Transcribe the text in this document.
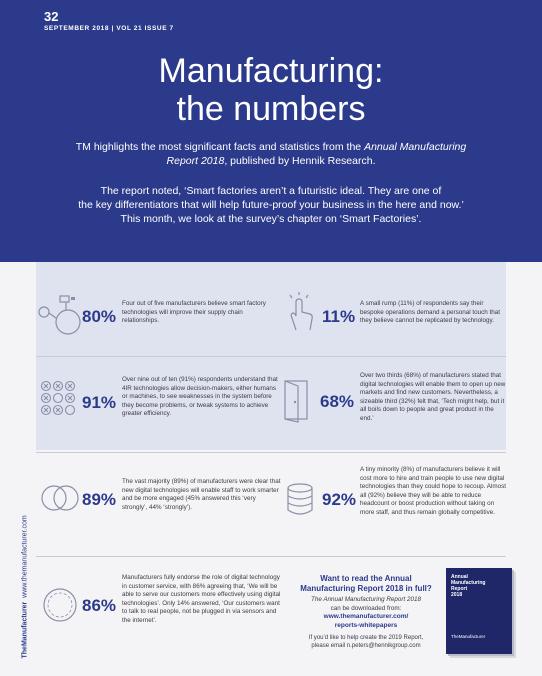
32
SEPTEMBER 2018 | VOL 21 ISSUE 7
Manufacturing:
the numbers
TM highlights the most significant facts and statistics from the Annual Manufacturing Report 2018, published by Hennik Research.
The report noted, ‘Smart factories aren’t a futuristic ideal. They are one of
the key differentiators that will help future-proof your business in the here and now.’
This month, we look at the survey’s chapter on ‘Smart Factories’.
80%
Four out of five manufacturers believe smart factory technologies will improve their supply chain relationships.	11%
A small rump (11%) of respondents say their bespoke operations demand a personal touch that they believe cannot be replicated by technology.
91%
Over nine out of ten (91%) respondents understand that 4IR technologies allow decision-makers, either humans or machines, to see weaknesses in the system before they become problems, or tweak systems to achieve greater efficiency.
68%
Over two thirds (68%) of manufacturers stated that digital technologies will enable them to open up new markets and find new customers. Nevertheless, a sizeable third (32%) felt that, ‘Tech might help, but it all boils down to people and great product in the end.’
89%
The vast majority (89%) of manufacturers were clear that new digital technologies will enable staff to work smarter and be more engaged (45% answered this ‘very strongly’, 44% ‘strongly’).	92%
A tiny minority (8%) of manufacturers believe it will cost more to hire and train people to use new digital technologies than they could hope to recoup. Almost all (92%) believe they will be able to reduce headcount or boost production without taking on more staff, and thus remain globally competitive.
86%
Manufacturers fully endorse the role of digital technology in customer service, with 86% agreeing that, ‘We will be able to serve our customers more effectively using digital technologies’. Only 14% answered, ‘Our customers want to talk to real people, not be plugged in via sensors and the internet’.
TheManufacturer  www.themanufacturer.com	Want to read the Annual
Manufacturing Report 2018 in full?
The Annual Manufacturing Report 2018
can be downloaded from:
www.themanufacturer.com/
reports-whitepapers
If you’d like to help create the 2019 Report,
please email n.peters@hennikgroup.com
Annual
Manufacturing
Report
2018
TheManufacturer
